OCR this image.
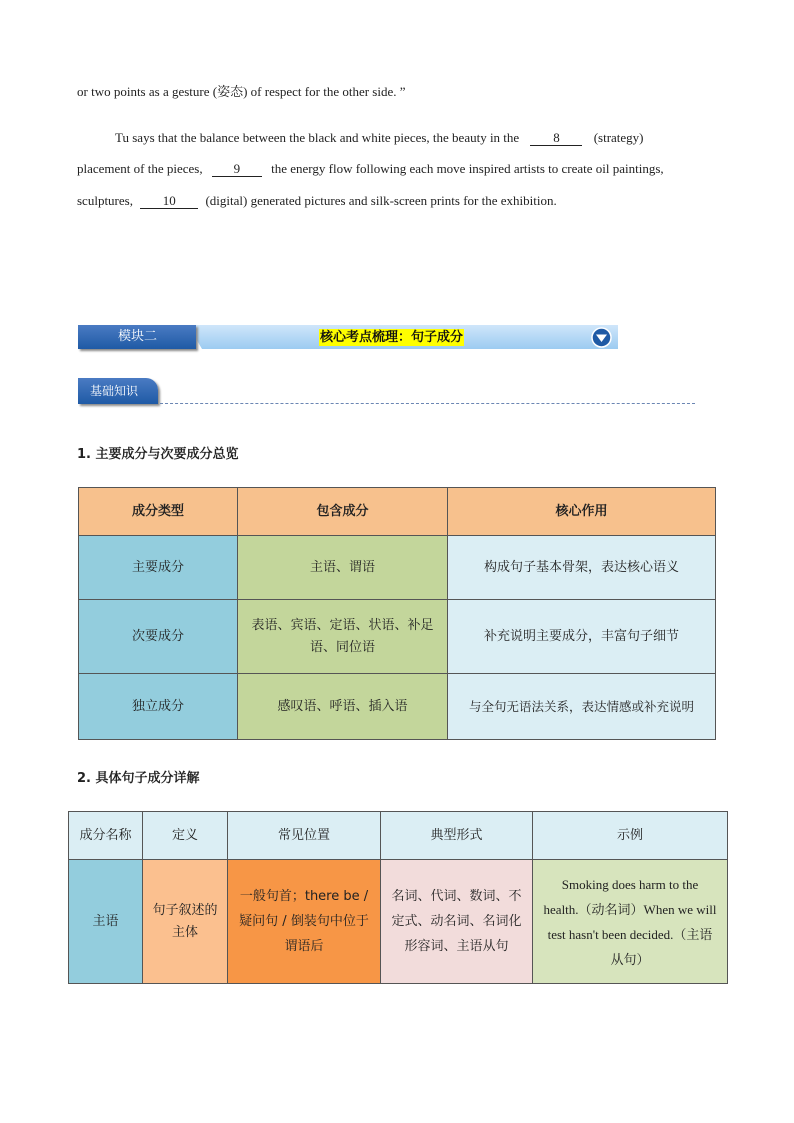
or two points as a gesture (姿态) of respect for the other side. ”
Tu says that the balance between the black and white pieces, the beauty in the	8	(strategy)
placement of the pieces, 9 the energy flow following each move inspired artists to create oil paintings,
sculptures, 10 (digital) generated pictures and silk-screen prints for the exhibition.
模块二	核心考点梳理：句子成分
基础知识
1. 主要成分与次要成分总览
成分类型	包含成分	核心作用
主要成分	主语、谓语	构成句子基本骨架，表达核心语义
次要成分	表语、宾语、定语、状语、补足语、同位语	补充说明主要成分，丰富句子细节
独立成分	感叹语、呼语、插入语	与全句无语法关系，表达情感或补充说明
2. 具体句子成分详解
成分名称	定义	常见位置	典型形式	示例
主语	句子叙述的主体	一般句首；there be / 疑问句 / 倒装句中位于谓语后	名词、代词、数词、不定式、动名词、名词化形容词、主语从句	Smoking does harm to the health.（动名词）When we will test hasn't been decided.（主语从句）
